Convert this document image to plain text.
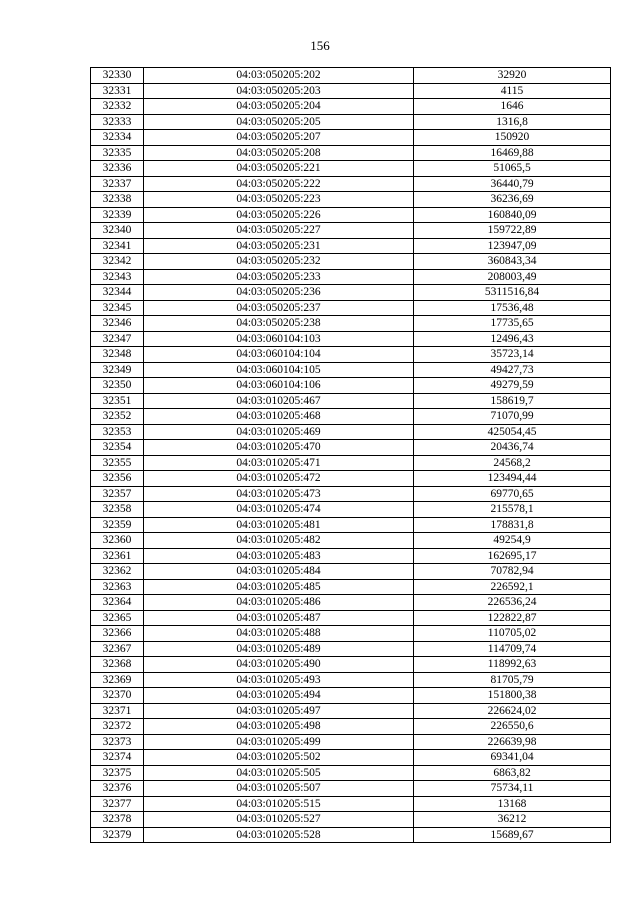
156
32330	04:03:050205:202	32920
32331	04:03:050205:203	4115
32332	04:03:050205:204	1646
32333	04:03:050205:205	1316,8
32334	04:03:050205:207	150920
32335	04:03:050205:208	16469,88
32336	04:03:050205:221	51065,5
32337	04:03:050205:222	36440,79
32338	04:03:050205:223	36236,69
32339	04:03:050205:226	160840,09
32340	04:03:050205:227	159722,89
32341	04:03:050205:231	123947,09
32342	04:03:050205:232	360843,34
32343	04:03:050205:233	208003,49
32344	04:03:050205:236	5311516,84
32345	04:03:050205:237	17536,48
32346	04:03:050205:238	17735,65
32347	04:03:060104:103	12496,43
32348	04:03:060104:104	35723,14
32349	04:03:060104:105	49427,73
32350	04:03:060104:106	49279,59
32351	04:03:010205:467	158619,7
32352	04:03:010205:468	71070,99
32353	04:03:010205:469	425054,45
32354	04:03:010205:470	20436,74
32355	04:03:010205:471	24568,2
32356	04:03:010205:472	123494,44
32357	04:03:010205:473	69770,65
32358	04:03:010205:474	215578,1
32359	04:03:010205:481	178831,8
32360	04:03:010205:482	49254,9
32361	04:03:010205:483	162695,17
32362	04:03:010205:484	70782,94
32363	04:03:010205:485	226592,1
32364	04:03:010205:486	226536,24
32365	04:03:010205:487	122822,87
32366	04:03:010205:488	110705,02
32367	04:03:010205:489	114709,74
32368	04:03:010205:490	118992,63
32369	04:03:010205:493	81705,79
32370	04:03:010205:494	151800,38
32371	04:03:010205:497	226624,02
32372	04:03:010205:498	226550,6
32373	04:03:010205:499	226639,98
32374	04:03:010205:502	69341,04
32375	04:03:010205:505	6863,82
32376	04:03:010205:507	75734,11
32377	04:03:010205:515	13168
32378	04:03:010205:527	36212
32379	04:03:010205:528	15689,67
